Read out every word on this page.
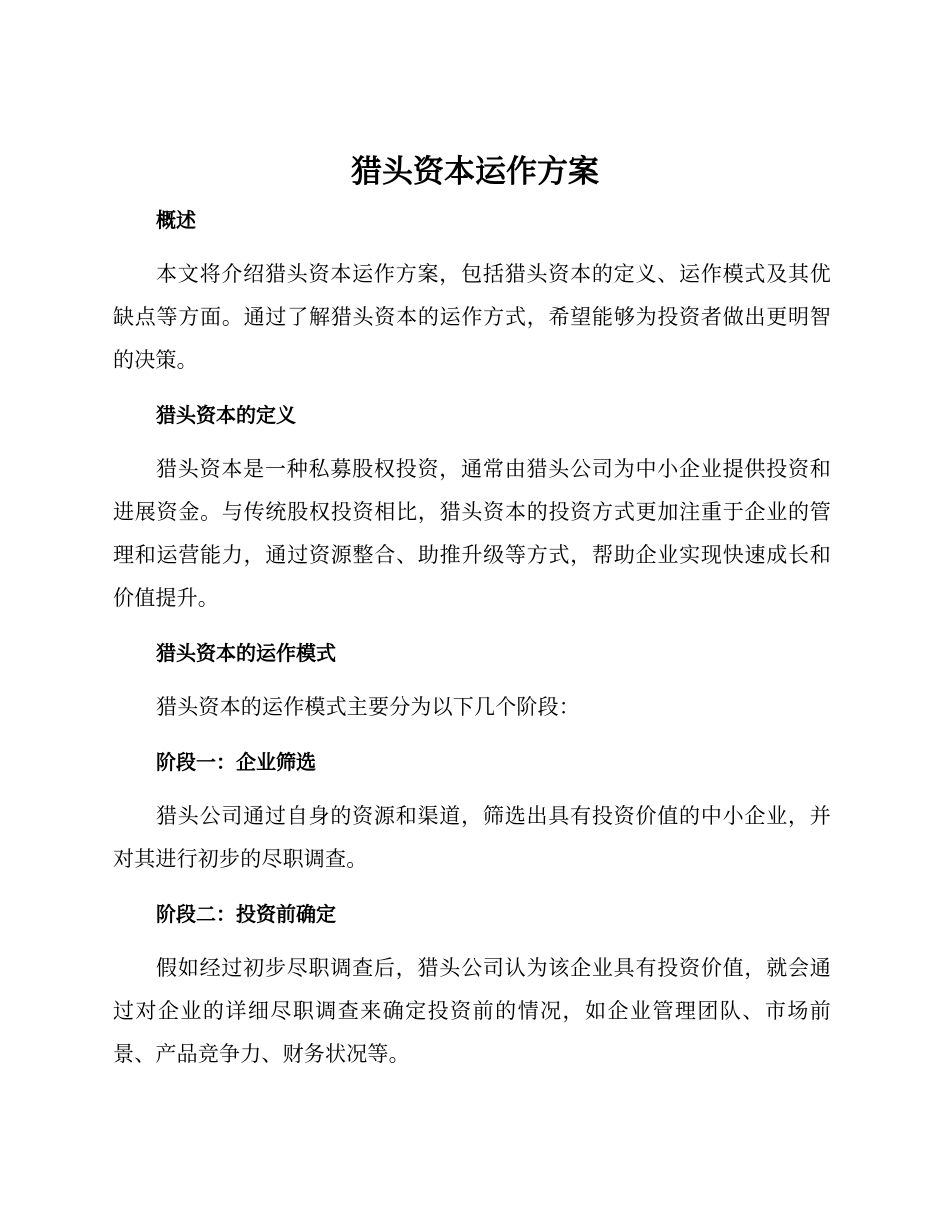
猎头资本运作方案
概述

本文将介绍猎头资本运作方案，包括猎头资本的定义、运作模式及其优缺点等方面。通过了解猎头资本的运作方式，希望能够为投资者做出更明智的决策。

猎头资本的定义

猎头资本是一种私募股权投资，通常由猎头公司为中小企业提供投资和进展资金。与传统股权投资相比，猎头资本的投资方式更加注重于企业的管理和运营能力，通过资源整合、助推升级等方式，帮助企业实现快速成长和价值提升。

猎头资本的运作模式

猎头资本的运作模式主要分为以下几个阶段：

阶段一：企业筛选

猎头公司通过自身的资源和渠道，筛选出具有投资价值的中小企业，并对其进行初步的尽职调查。

阶段二：投资前确定

假如经过初步尽职调查后，猎头公司认为该企业具有投资价值，就会通过对企业的详细尽职调查来确定投资前的情况，如企业管理团队、市场前景、产品竞争力、财务状况等。
